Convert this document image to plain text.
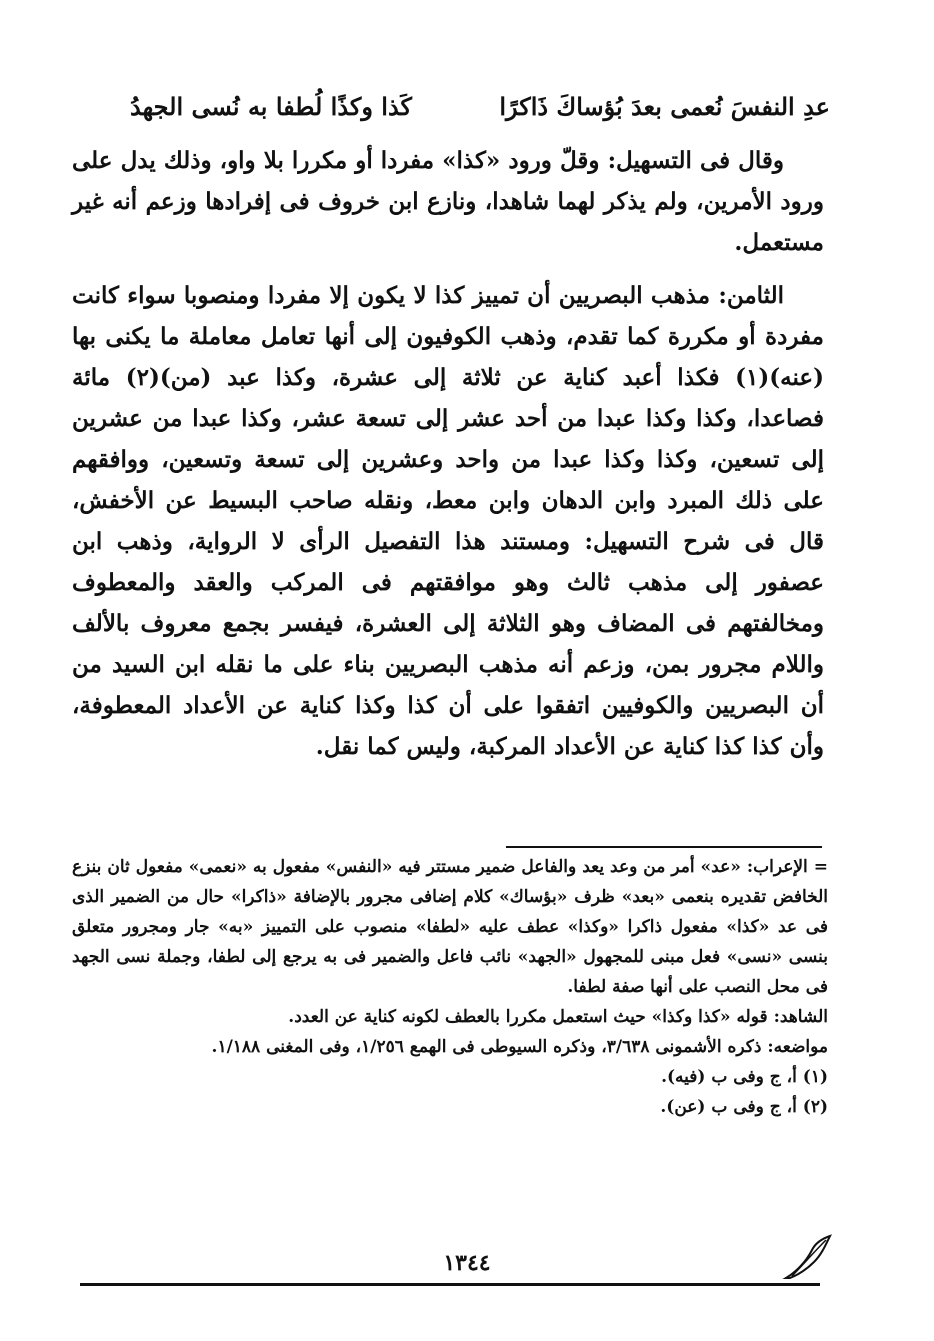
عدِ النفسَ نُعمى بعدَ بُؤساكَ ذَاكرًا
كَذا وكذًا لُطفا به نُسى الجهدُ

وقال فى التسهيل: وقلّ ورود «كذا» مفردا أو مكررا بلا واو، وذلك يدل على ورود الأمرين، ولم يذكر لهما شاهدا، ونازع ابن خروف فى إفرادها وزعم أنه غير مستعمل.

الثامن: مذهب البصريين أن تمييز كذا لا يكون إلا مفردا ومنصوبا سواء كانت مفردة أو مكررة كما تقدم، وذهب الكوفيون إلى أنها تعامل معاملة ما يكنى بها (عنه)(١) فكذا أعبد كناية عن ثلاثة إلى عشرة، وكذا عبد (من)(٢) مائة فصاعدا، وكذا وكذا عبدا من أحد عشر إلى تسعة عشر، وكذا عبدا من عشرين إلى تسعين، وكذا وكذا عبدا من واحد وعشرين إلى تسعة وتسعين، ووافقهم على ذلك المبرد وابن الدهان وابن معط، ونقله صاحب البسيط عن الأخفش، قال فى شرح التسهيل: ومستند هذا التفصيل الرأى لا الرواية، وذهب ابن عصفور إلى مذهب ثالث وهو موافقتهم فى المركب والعقد والمعطوف ومخالفتهم فى المضاف وهو الثلاثة إلى العشرة، فيفسر بجمع معروف بالألف واللام مجرور بمن، وزعم أنه مذهب البصريين بناء على ما نقله ابن السيد من أن البصريين والكوفيين اتفقوا على أن كذا وكذا كناية عن الأعداد المعطوفة، وأن كذا كذا كناية عن الأعداد المركبة، وليس كما نقل.

= الإعراب: «عد» أمر من وعد يعد والفاعل ضمير مستتر فيه «النفس» مفعول به «نعمى» مفعول ثان بنزع الخافض تقديره بنعمى «بعد» ظرف «بؤساك» كلام إضافى مجرور بالإضافة «ذاكرا» حال من الضمير الذى فى عد «كذا» مفعول ذاكرا «وكذا» عطف عليه «لطفا» منصوب على التمييز «به» جار ومجرور متعلق بنسى «نسى» فعل مبنى للمجهول «الجهد» نائب فاعل والضمير فى به يرجع إلى لطفا، وجملة نسى الجهد فى محل النصب على أنها صفة لطفا.

الشاهد: قوله «كذا وكذا» حيث استعمل مكررا بالعطف لكونه كناية عن العدد.

مواضعه: ذكره الأشمونى ٣/٦٣٨، وذكره السيوطى فى الهمع ١/٢٥٦، وفى المغنى ١/١٨٨.

(١) أ، ج وفى ب (فيه).

(٢) أ، ج وفى ب (عن).

١٣٤٤
